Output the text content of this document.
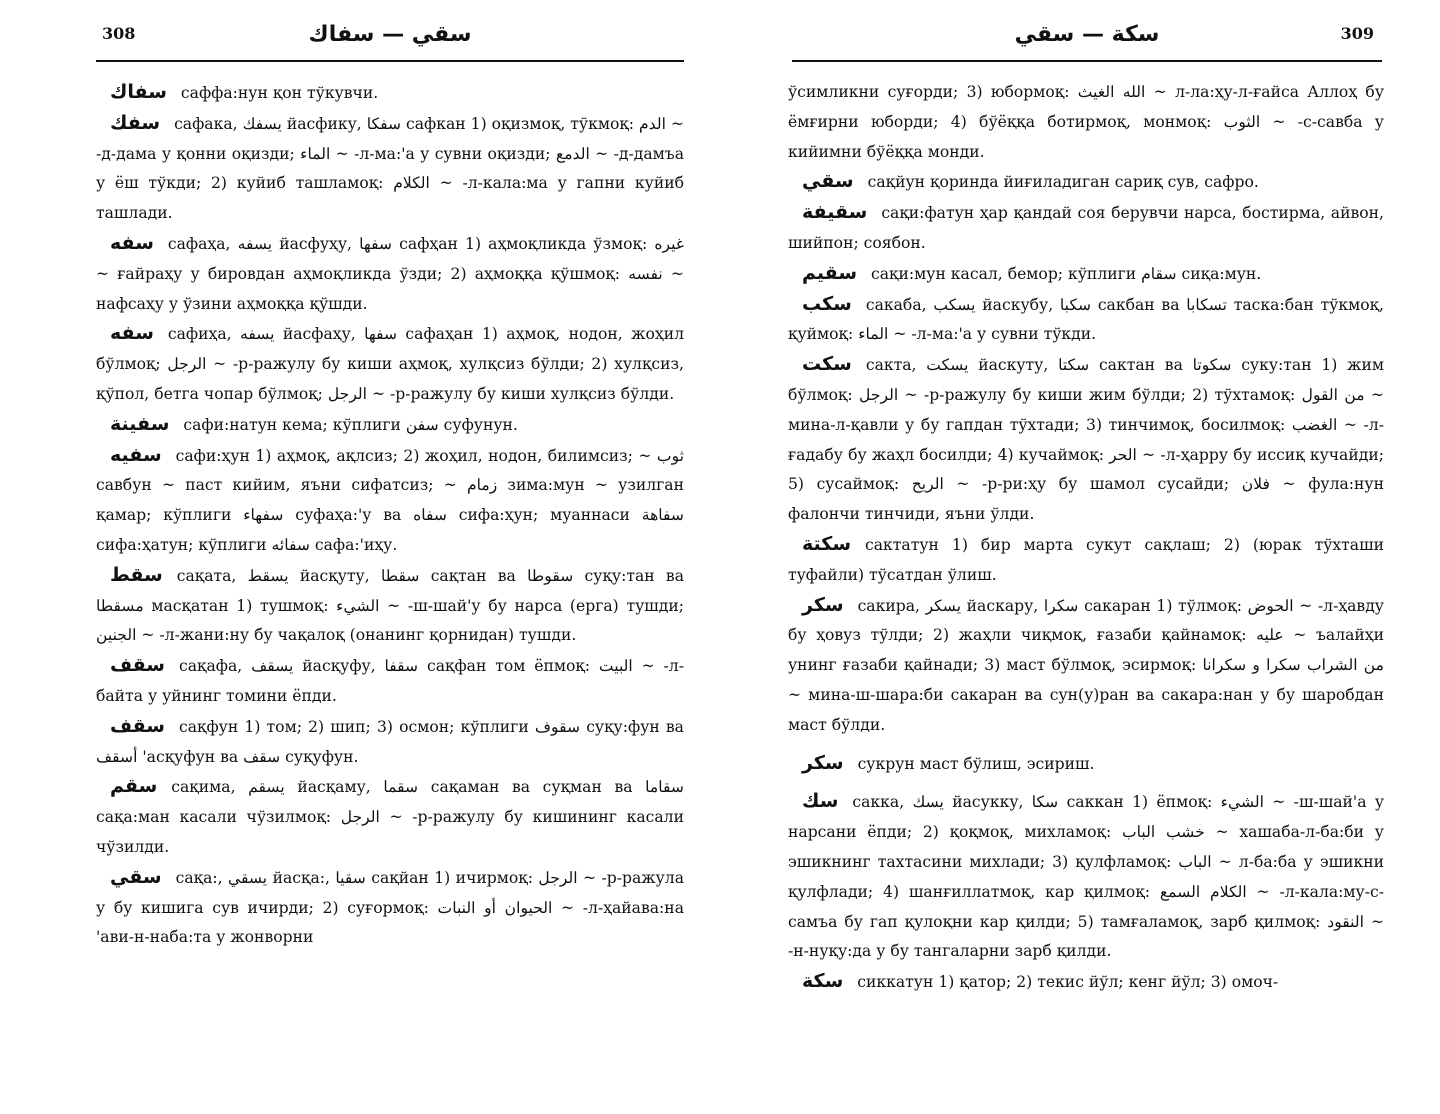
308	سقي — سفاك

سفاك саффа:нун қон тўкувчи.

سفك сафака, يسفك йасфику, سفكا сафкан 1) оқизмоқ, тўкмоқ: الدم ~ -д-дама у қонни оқизди; الماء ~ -л-ма:'а у сувни оқизди; الدمع ~ -д-дамъа у ёш тўкди; 2) куйиб ташламоқ: الكلام ~ -л-кала:ма у гапни куйиб ташлади.

سفه сафаҳа, يسفه йасфуҳу, سفها сафҳан 1) аҳмоқликда ўзмоқ: غيره ~ ғайраҳу у бировдан аҳмоқликда ўзди; 2) аҳмоққа қўшмоқ: نفسه ~ нафсаҳу у ўзини аҳмоққа қўшди.

سفه сафиҳа, يسفه йасфаҳу, سفها сафаҳан 1) аҳмоқ, нодон, жоҳил бўлмоқ; الرجل ~ -р-ражулу бу киши аҳмоқ, хулқсиз бўлди; 2) хулқсиз, қўпол, бетга чопар бўлмоқ; الرجل ~ -р-ражулу бу киши хулқсиз бўлди.

سفينة сафи:натун кема; кўплиги سفن суфунун.

سفيه сафи:ҳун 1) аҳмоқ, ақлсиз; 2) жоҳил, нодон, билимсиз; ~ ثوب савбун ~ паст кийим, яъни сифатсиз; ~ زمام зима:мун ~ узилган қамар; кўплиги سفهاء суфаҳа:'у ва سفاه сифа:ҳун; муаннаси سفاهة сифа:ҳатун; кўплиги سفائه сафа:'иҳу.

سقط сақата, يسقط йасқуту, سقطا сақтан ва سقوطا суқу:тан ва مسقطا масқатан 1) тушмоқ: الشيء ~ -ш-шай'у бу нарса (ерга) тушди; الجنين ~ -л-жани:ну бу чақалоқ (онанинг қорнидан) тушди.

سقف сақафа, يسقف йасқуфу, سقفا сақфан том ёпмоқ: البيت ~ -л-байта у уйнинг томини ёпди.

سقف сақфун 1) том; 2) шип; 3) осмон; кўплиги سقوف суқу:фун ва أسقف 'асқуфун ва سقف суқуфун.

سقم сақима, يسقم йасқаму, سقما сақаман ва суқман ва سقاما сақа:ман касали чўзилмоқ: الرجل ~ -р-ражулу бу кишининг касали чўзилди.

سقي сақа:, يسقي йасқа:, سقيا сақйан 1) ичирмоқ: الرجل ~ -р-ражула у бу кишига сув ичирди; 2) суғормоқ: الحيوان أو النبات ~ -л-ҳайава:на 'ави-н-наба:та у жонворни

سكة — سقي	309

ўсимликни суғорди; 3) юбормоқ: الله الغيث ~ л-ла:ҳу-л-ғайса Аллоҳ бу ёмғирни юборди; 4) бўёққа ботирмоқ, монмоқ: الثوب ~ -с-савба у кийимни бўёққа монди.

سقي сақйун қоринда йиғиладиган сариқ сув, сафро.

سقيفة сақи:фатун ҳар қандай соя берувчи нарса, бостирма, айвон, шийпон; соябон.

سقيم сақи:мун касал, бемор; кўплиги سقام сиқа:мун.

سكب сакаба, يسكب йаскубу, سكبا сакбан ва تسكابا таска:бан тўкмоқ, қуймоқ: الماء ~ -л-ма:'а у сувни тўкди.

سكت сакта, يسكت йаскуту, سكتا сактан ва سكوتا суку:тан 1) жим бўлмоқ: الرجل ~ -р-ражулу бу киши жим бўлди; 2) тўхтамоқ: من القول ~ мина-л-қавли у бу гапдан тўхтади; 3) тинчимоқ, босилмоқ: الغضب ~ -л-ғадабу бу жаҳл босилди; 4) кучаймоқ: الحر ~ -л-ҳарру бу иссиқ кучайди; 5) сусаймоқ: الريح ~ -р-ри:ҳу бу шамол сусайди; فلان ~ фула:нун фалончи тинчиди, яъни ўлди.

سكتة сактатун 1) бир марта сукут сақлаш; 2) (юрак тўхташи туфайли) тўсатдан ўлиш.

سكر сакира, يسكر йаскару, سكرا сакаран 1) тўлмоқ: الحوض ~ -л-ҳавду бу ҳовуз тўлди; 2) жаҳли чиқмоқ, ғазаби қайнамоқ: عليه ~ ъалайҳи унинг ғазаби қайнади; 3) маст бўлмоқ, эсирмоқ: من الشراب سكرا و سكرانا ~ мина-ш-шара:би сакаран ва сун(у)ран ва сакара:нан у бу шаробдан маст бўлди.

سكر сукрун маст бўлиш, эсириш.

سك сакка, يسك йасукку, سكا саккан 1) ёпмоқ: الشيء ~ -ш-шай'а у нарсани ёпди; 2) қоқмоқ, михламоқ: خشب الباب ~ хашаба-л-ба:би у эшикнинг тахтасини михлади; 3) қулфламоқ: الباب ~ л-ба:ба у эшикни қулфлади; 4) шанғиллатмоқ, кар қилмоқ: الكلام السمع ~ -л-кала:му-с-самъа бу гап қулоқни кар қилди; 5) тамғаламоқ, зарб қилмоқ: النقود ~ -н-нуқу:да у бу тангаларни зарб қилди.

سكة сиккатун 1) қатор; 2) текис йўл; кенг йўл; 3) омоч-
